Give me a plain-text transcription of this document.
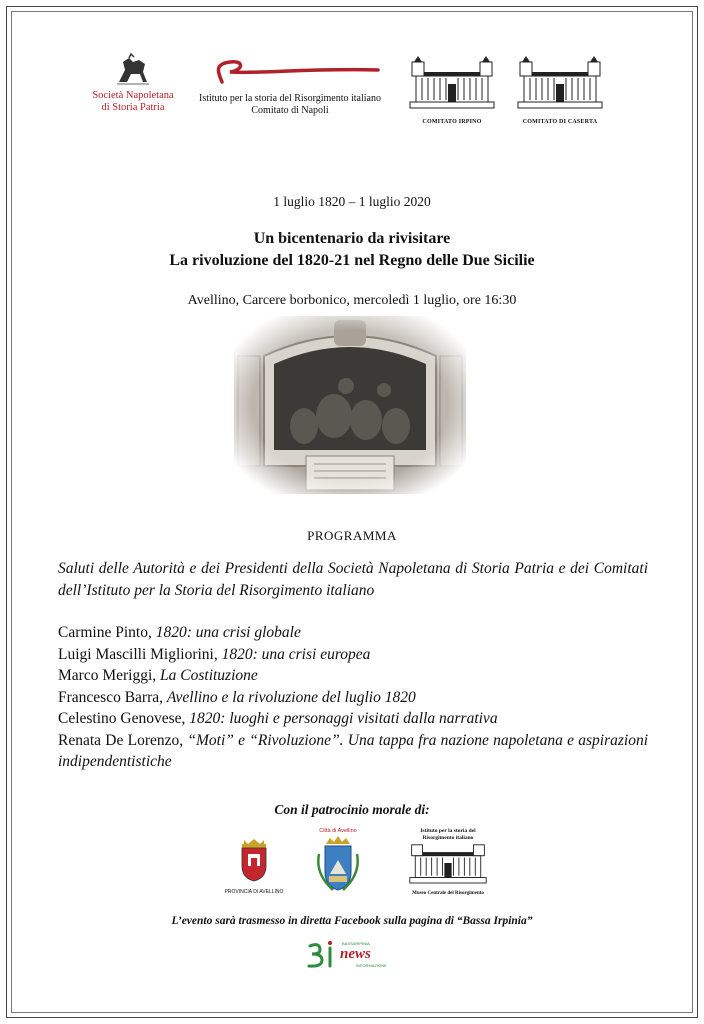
Società Napoletana di Storia Patria
Istituto per la storia del Risorgimento italiano
Comitato di Napoli
COMITATO IRPINO	COMITATO DI CASERTA
1 luglio 1820 – 1 luglio 2020
Un bicentenario da rivisitare
La rivoluzione del 1820-21 nel Regno delle Due Sicilie
Avellino, Carcere borbonico, mercoledì 1 luglio, ore 16:30
PROGRAMMA
Saluti delle Autorità e dei Presidenti della Società Napoletana di Storia Patria e dei Comitati dell’Istituto per la Storia del Risorgimento italiano
Carmine Pinto, 1820: una crisi globale
Luigi Mascilli Migliorini, 1820: una crisi europea
Marco Meriggi, La Costituzione
Francesco Barra, Avellino e la rivoluzione del luglio 1820
Celestino Genovese, 1820: luoghi e personaggi visitati dalla narrativa
Renata De Lorenzo, “Moti” e “Rivoluzione”. Una tappa fra nazione napoletana e aspirazioni indipendentistiche
Con il patrocinio morale di:
PROVINCIA DI AVELLINO
Città di Avellino	Istituto per la storia del Risorgimento italiano
Museo Centrale del Risorgimento
L’evento sarà trasmesso in diretta Facebook sulla pagina di “Bassa Irpinia”
BASSAIRPINIA
news
INFORMAZIONE
